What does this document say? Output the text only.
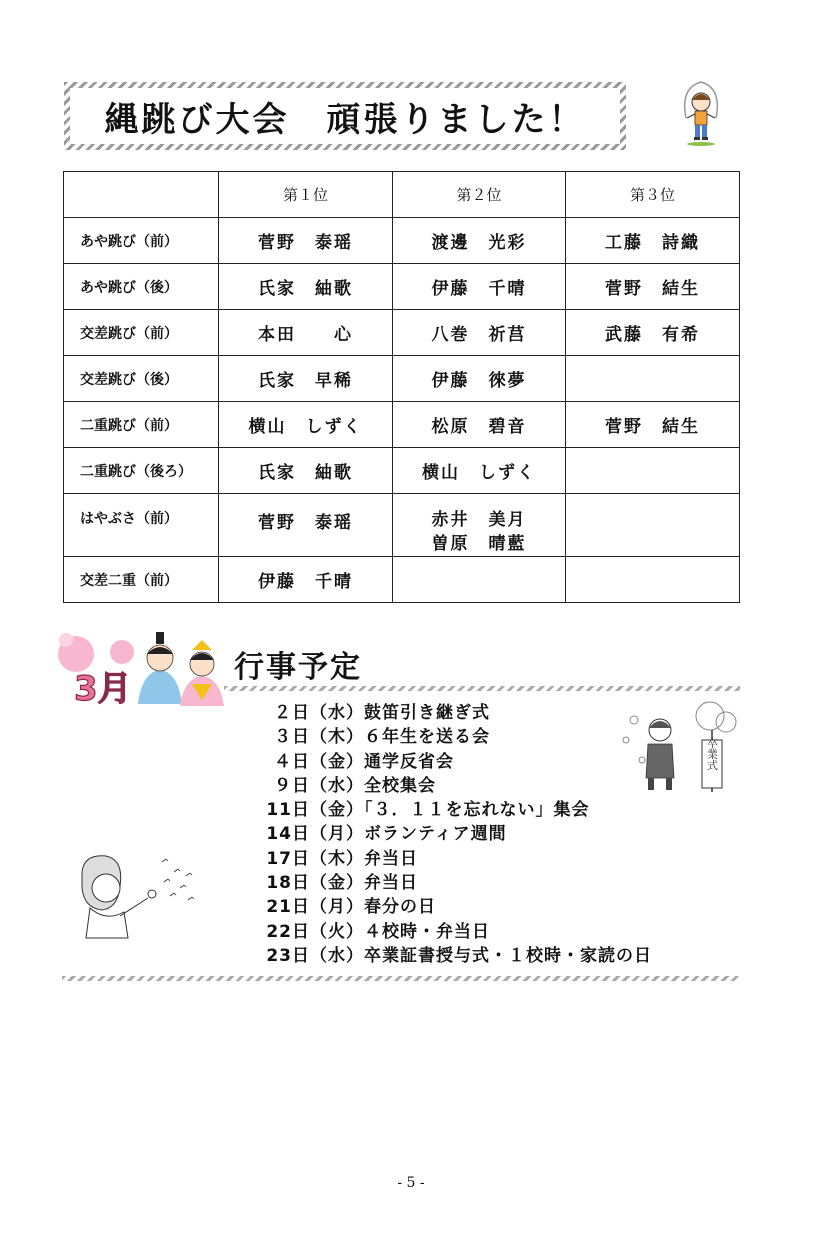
縄跳び大会　頑張りました！
	第１位	第２位	第３位
あや跳び（前）	菅野　泰瑶	渡邊　光彩	工藤　詩織
あや跳び（後）	氏家　紬歌	伊藤　千晴	菅野　結生
交差跳び（前）	本田　　心	八巻　祈莒	武藤　有希
交差跳び（後）	氏家　早稀	伊藤　徠夢	
二重跳び（前）	横山　しずく	松原　碧音	菅野　結生
二重跳び（後ろ）	氏家　紬歌	横山　しずく	
はやぶさ（前）	菅野　泰瑶	赤井　美月
曽原　晴藍	

交差二重（前）	伊藤　千晴		
3月
行事予定
２日（水）鼓笛引き継ぎ式
３日（木）６年生を送る会
４日（金）通学反省会
９日（水）全校集会
11日（金）「３．１１を忘れない」集会
14日（月）ボランティア週間
17日（木）弁当日
18日（金）弁当日
21日（月）春分の日
22日（火）４校時・弁当日
23日（水）卒業証書授与式・１校時・家読の日
卒業式
- 5 -
